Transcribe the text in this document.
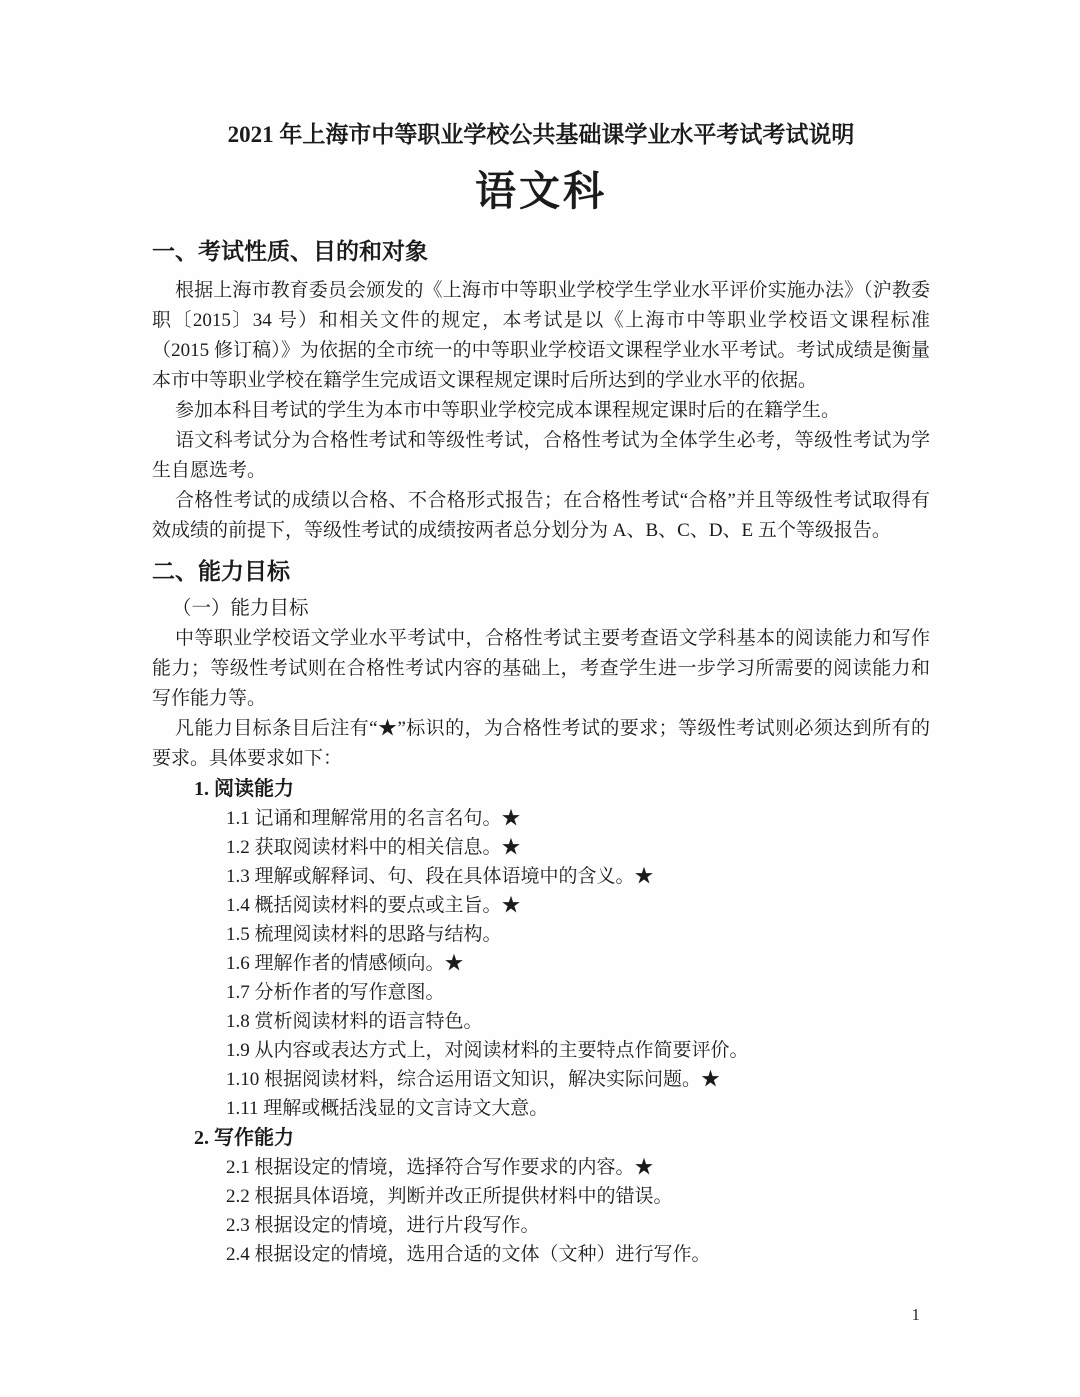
2021 年上海市中等职业学校公共基础课学业水平考试考试说明
语文科
一、考试性质、目的和对象

根据上海市教育委员会颁发的《上海市中等职业学校学生学业水平评价实施办法》（沪教委职〔2015〕34 号）和相关文件的规定，本考试是以《上海市中等职业学校语文课程标准（2015 修订稿）》为依据的全市统一的中等职业学校语文课程学业水平考试。考试成绩是衡量本市中等职业学校在籍学生完成语文课程规定课时后所达到的学业水平的依据。

参加本科目考试的学生为本市中等职业学校完成本课程规定课时后的在籍学生。

语文科考试分为合格性考试和等级性考试，合格性考试为全体学生必考，等级性考试为学生自愿选考。

合格性考试的成绩以合格、不合格形式报告；在合格性考试“合格”并且等级性考试取得有效成绩的前提下，等级性考试的成绩按两者总分划分为 A、B、C、D、E 五个等级报告。

二、能力目标

（一）能力目标

中等职业学校语文学业水平考试中，合格性考试主要考查语文学科基本的阅读能力和写作能力；等级性考试则在合格性考试内容的基础上，考查学生进一步学习所需要的阅读能力和写作能力等。

凡能力目标条目后注有“★”标识的，为合格性考试的要求；等级性考试则必须达到所有的要求。具体要求如下：

1. 阅读能力

1.1 记诵和理解常用的名言名句。★

1.2 获取阅读材料中的相关信息。★

1.3 理解或解释词、句、段在具体语境中的含义。★

1.4 概括阅读材料的要点或主旨。★

1.5 梳理阅读材料的思路与结构。

1.6 理解作者的情感倾向。★

1.7 分析作者的写作意图。

1.8 赏析阅读材料的语言特色。

1.9 从内容或表达方式上，对阅读材料的主要特点作简要评价。

1.10 根据阅读材料，综合运用语文知识，解决实际问题。★

1.11 理解或概括浅显的文言诗文大意。

2. 写作能力

2.1 根据设定的情境，选择符合写作要求的内容。★

2.2 根据具体语境，判断并改正所提供材料中的错误。

2.3 根据设定的情境，进行片段写作。

2.4 根据设定的情境，选用合适的文体（文种）进行写作。

1
